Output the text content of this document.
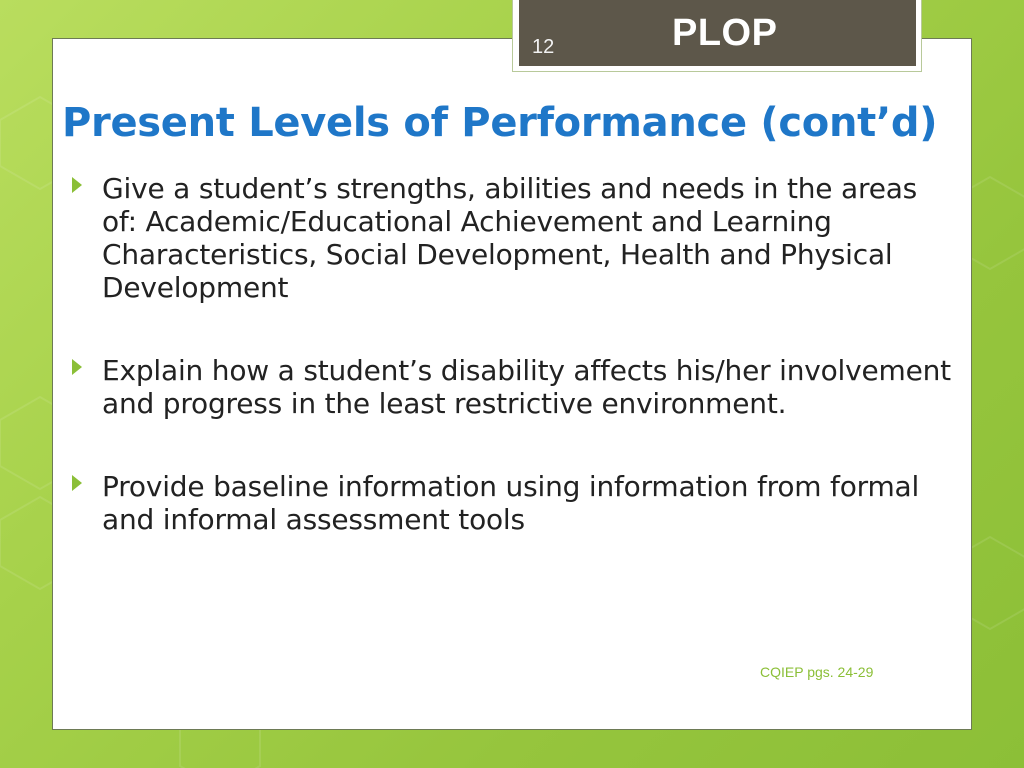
12	PLOP
Present Levels of Performance (cont’d)
Give a student’s strengths, abilities and needs in the areas of: Academic/Educational Achievement and Learning Characteristics, Social Development, Health and Physical Development
Explain how a student’s disability affects his/her involvement and progress in the least restrictive environment.
Provide baseline information using information from formal and informal assessment tools
CQIEP pgs. 24-29
